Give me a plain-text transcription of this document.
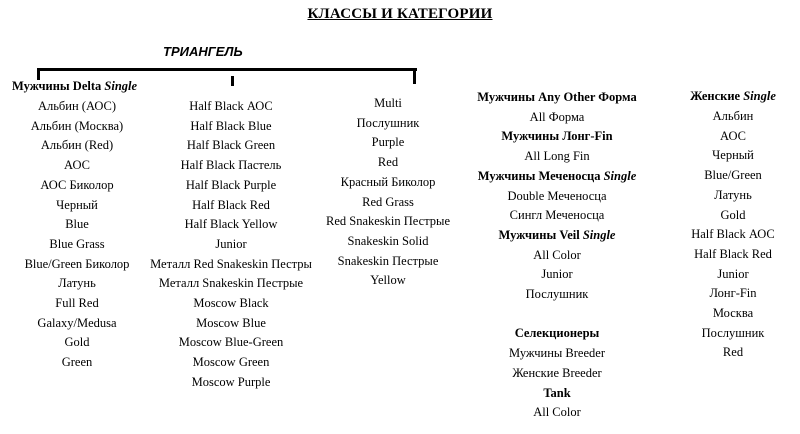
КЛАССЫ И КАТЕГОРИИ
ТРИАНГЕЛЬ
Мужчины Delta Single
Альбин (АОС)
Альбин (Москва)
Альбин (Red)
АОС
АОС Биколор
Черный
Blue
Blue Grass
Blue/Green Биколор
Латунь
Full Red
Galaxy/Medusa
Gold
Green
Half Black АОС
Half Black Blue
Half Black Green
Half Black Пастель
Half Black Purple
Half Black Red
Half Black Yellow
Junior
Металл Red Snakeskin Пестры
Металл Snakeskin Пестрые
Moscow Black
Moscow Blue
Moscow Blue-Green
Moscow Green
Moscow Purple
Multi
Послушник
Purple
Red
Красный Биколор
Red Grass
Red Snakeskin Пестрые
Snakeskin Solid
Snakeskin Пестрые
Yellow
Мужчины Any Other Форма
All Форма
Мужчины Лонг-Fin
All Long Fin
Мужчины Меченосца Single
Double Меченосца
Сингл Меченосца
Мужчины Veil Single
All Color
Junior
Послушник
Селекционеры
Мужчины Breeder
Женские Breeder
Tank
All Color
Женские Single
Альбин
АОС
Черный
Blue/Green
Латунь
Gold
Half Black АОС
Half Black Red
Junior
Лонг-Fin
Москва
Послушник
Red
